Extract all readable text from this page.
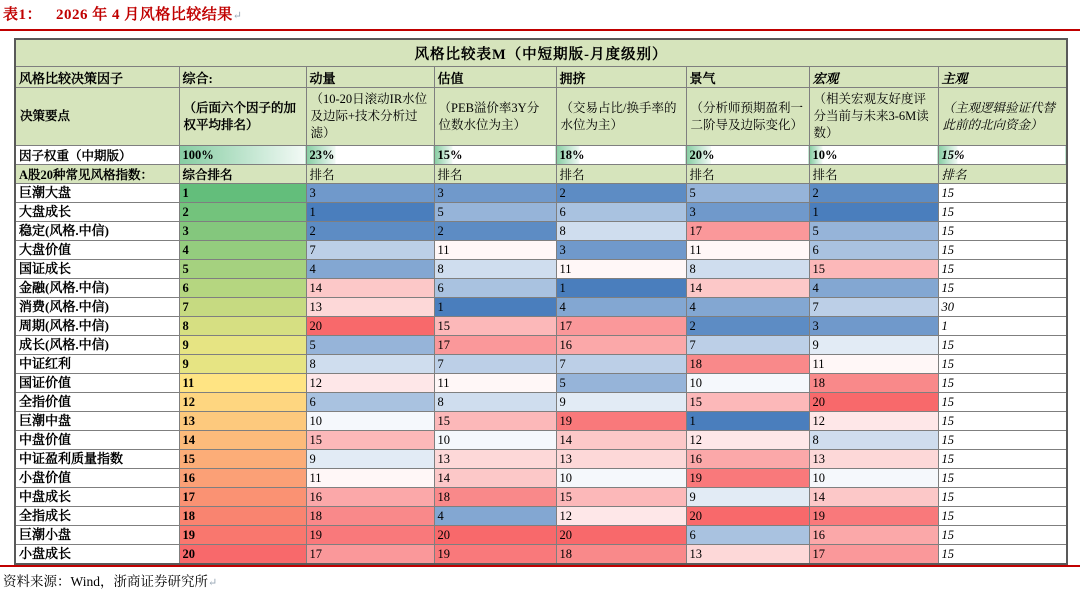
表1： 2026 年 4 月风格比较结果↵
风格比较表M（中短期版-月度级别）							
风格比较决策因子	综合:	动量	估值	拥挤	景气	宏观	主观
决策要点	（后面六个因子的加权平均排名）	（10-20日滚动IR水位及边际+技术分析过滤）	（PEB溢价率3Y分位数水位为主）	（交易占比/换手率的水位为主）	（分析师预期盈利一二阶导及边际变化）	（相关宏观友好度评分当前与未来3-6M读数）	（主观逻辑验证代替此前的北向资金）
因子权重（中期版）	100%	23%	15%	18%	20%	10%	15%
A股20种常见风格指数：	综合排名	排名	排名	排名	排名	排名	排名
巨潮大盘	1	3	3	2	5	2	15
大盘成长	2	1	5	6	3	1	15
稳定(风格.中信)	3	2	2	8	17	5	15
大盘价值	4	7	11	3	11	6	15
国证成长	5	4	8	11	8	15	15
金融(风格.中信)	6	14	6	1	14	4	15
消费(风格.中信)	7	13	1	4	4	7	30
周期(风格.中信)	8	20	15	17	2	3	1
成长(风格.中信)	9	5	17	16	7	9	15
中证红利	9	8	7	7	18	11	15
国证价值	11	12	11	5	10	18	15
全指价值	12	6	8	9	15	20	15
巨潮中盘	13	10	15	19	1	12	15
中盘价值	14	15	10	14	12	8	15
中证盈利质量指数	15	9	13	13	16	13	15
小盘价值	16	11	14	10	19	10	15
中盘成长	17	16	18	15	9	14	15
全指成长	18	18	4	12	20	19	15
巨潮小盘	19	19	20	20	6	16	15
小盘成长	20	17	19	18	13	17	15
资料来源：Wind，浙商证券研究所↵
